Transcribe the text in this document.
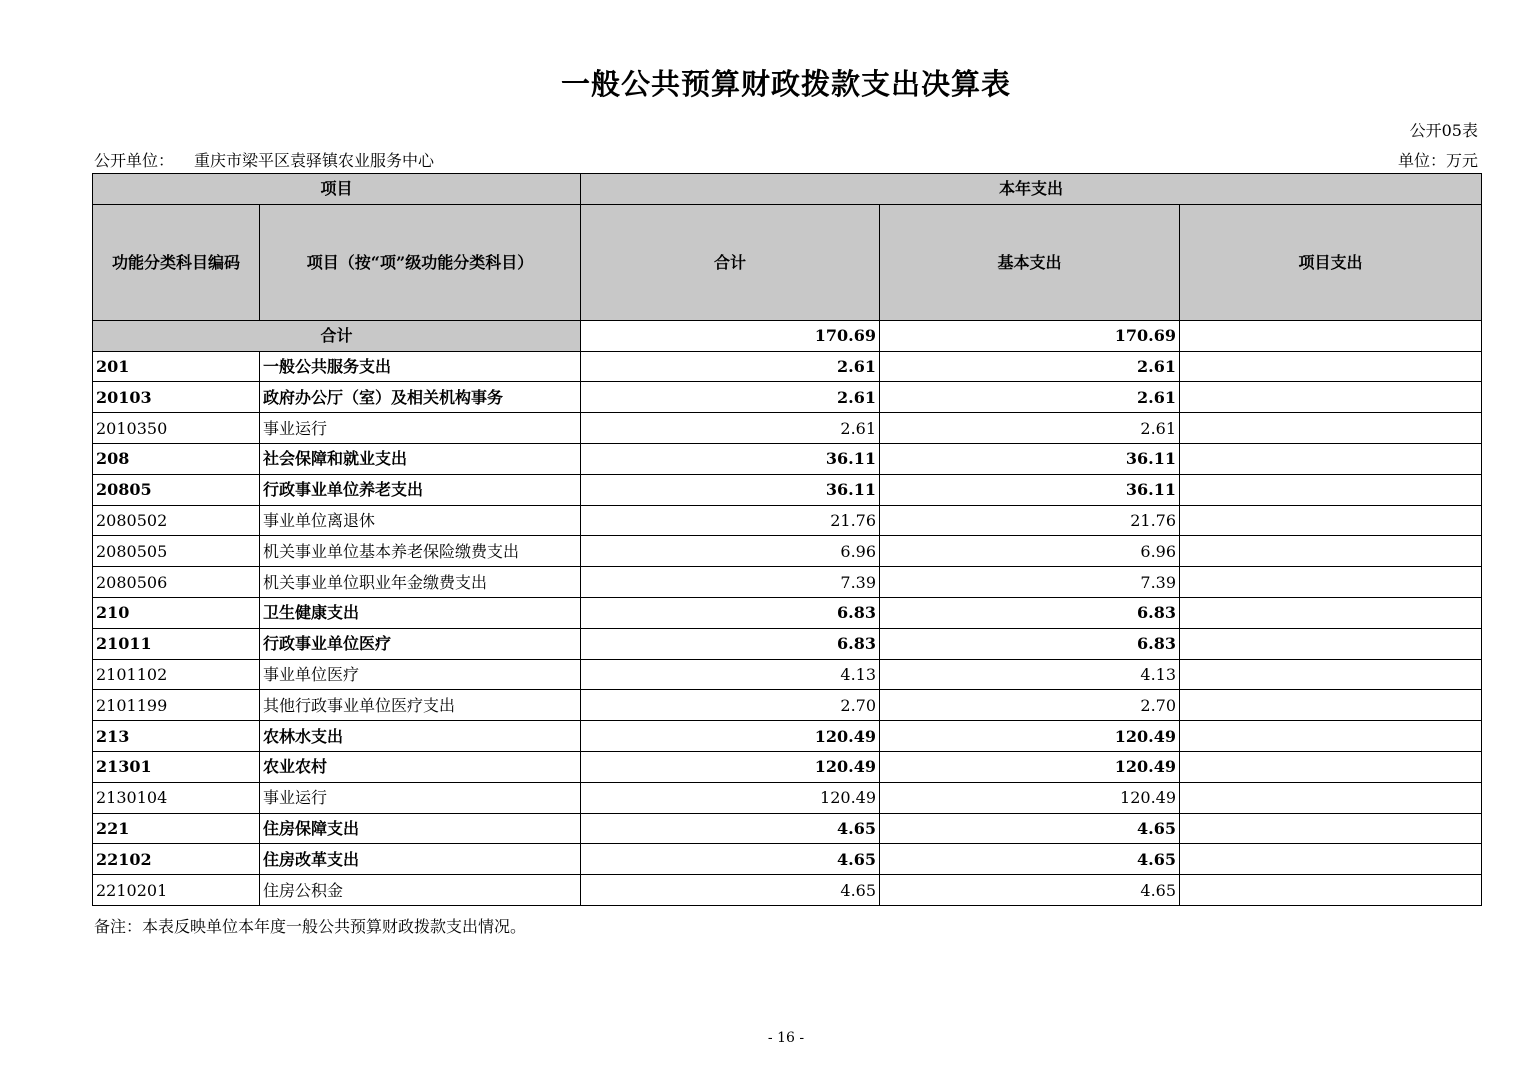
一般公共预算财政拨款支出决算表
公开05表
公开单位： 重庆市梁平区袁驿镇农业服务中心	单位：万元
项目		本年支出		
功能分类科目编码	项目（按“项”级功能分类科目）	合计	基本支出	项目支出
合计		170.69	170.69	
201	一般公共服务支出	2.61	2.61	
20103	政府办公厅（室）及相关机构事务	2.61	2.61	
2010350	事业运行	2.61	2.61	
208	社会保障和就业支出	36.11	36.11	
20805	行政事业单位养老支出	36.11	36.11	
2080502	事业单位离退休	21.76	21.76	
2080505	机关事业单位基本养老保险缴费支出	6.96	6.96	
2080506	机关事业单位职业年金缴费支出	7.39	7.39	
210	卫生健康支出	6.83	6.83	
21011	行政事业单位医疗	6.83	6.83	
2101102	事业单位医疗	4.13	4.13	
2101199	其他行政事业单位医疗支出	2.70	2.70	
213	农林水支出	120.49	120.49	
21301	农业农村	120.49	120.49	
2130104	事业运行	120.49	120.49	
221	住房保障支出	4.65	4.65	
22102	住房改革支出	4.65	4.65	
2210201	住房公积金	4.65	4.65	
备注：本表反映单位本年度一般公共预算财政拨款支出情况。
- 16 -
